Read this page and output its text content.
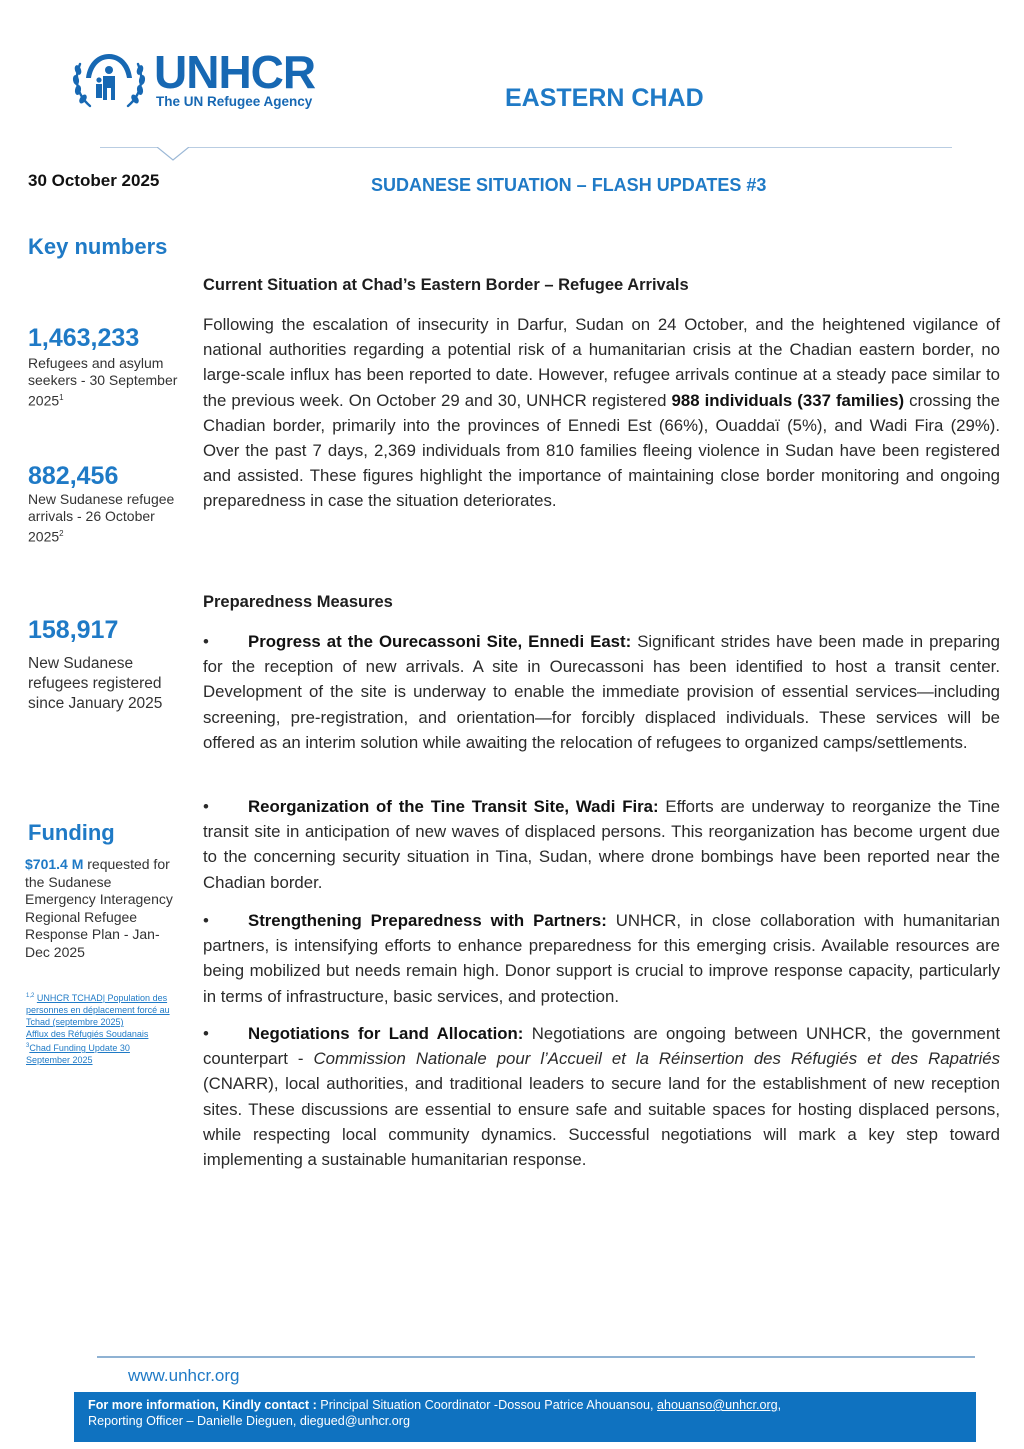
UNHCR
The UN Refugee Agency	EASTERN CHAD
30 October 2025	SUDANESE SITUATION – FLASH UPDATES #3
Key numbers
1,463,233
Refugees and asylum seekers - 30 September 2025$^1$
882,456
New Sudanese refugee arrivals - 26 October 2025$^2$
158,917
New Sudanese refugees registered since January 2025
Funding
$701.4 M requested for the Sudanese Emergency Interagency Regional Refugee Response Plan - Jan- Dec 2025
$^{1,2}$ UNHCR TCHAD| Population des personnes en déplacement forcé au Tchad (septembre 2025)
Afflux des Réfugiés Soudanais
$^3$Chad Funding Update 30 September 2025
Current Situation at Chad’s Eastern Border – Refugee Arrivals

Following the escalation of insecurity in Darfur, Sudan on 24 October, and the heightened vigilance of national authorities regarding a potential risk of a humanitarian crisis at the Chadian eastern border, no large-scale influx has been reported to date. However, refugee arrivals continue at a steady pace similar to the previous week. On October 29 and 30, UNHCR registered 988 individuals (337 families) crossing the Chadian border, primarily into the provinces of Ennedi Est (66%), Ouaddaï (5%), and Wadi Fira (29%). Over the past 7 days, 2,369 individuals from 810 families fleeing violence in Sudan have been registered and assisted. These figures highlight the importance of maintaining close border monitoring and ongoing preparedness in case the situation deteriorates.

Preparedness Measures

• Progress at the Ourecassoni Site, Ennedi East: Significant strides have been made in preparing for the reception of new arrivals. A site in Ourecassoni has been identified to host a transit center. Development of the site is underway to enable the immediate provision of essential services—including screening, pre-registration, and orientation—for forcibly displaced individuals. These services will be offered as an interim solution while awaiting the relocation of refugees to organized camps/settlements.

• Reorganization of the Tine Transit Site, Wadi Fira: Efforts are underway to reorganize the Tine transit site in anticipation of new waves of displaced persons. This reorganization has become urgent due to the concerning security situation in Tina, Sudan, where drone bombings have been reported near the Chadian border.

• Strengthening Preparedness with Partners: UNHCR, in close collaboration with humanitarian partners, is intensifying efforts to enhance preparedness for this emerging crisis. Available resources are being mobilized but needs remain high. Donor support is crucial to improve response capacity, particularly in terms of infrastructure, basic services, and protection.

• Negotiations for Land Allocation: Negotiations are ongoing between UNHCR, the government counterpart - Commission Nationale pour l’Accueil et la Réinsertion des Réfugiés et des Rapatriés (CNARR), local authorities, and traditional leaders to secure land for the establishment of new reception sites. These discussions are essential to ensure safe and suitable spaces for hosting displaced persons, while respecting local community dynamics. Successful negotiations will mark a key step toward implementing a sustainable humanitarian response.

www.unhcr.org
For more information, Kindly contact : Principal Situation Coordinator -Dossou Patrice Ahouansou, ahouanso@unhcr.org,
Reporting Officer – Danielle Dieguen, diegued@unhcr.org
